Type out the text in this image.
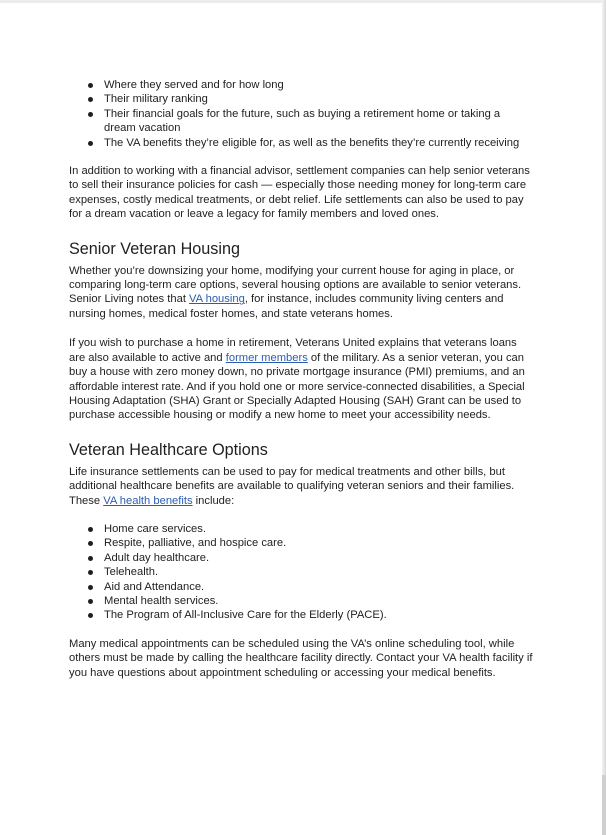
Where they served and for how long
Their military ranking
Their financial goals for the future, such as buying a retirement home or taking a dream vacation
The VA benefits they’re eligible for, as well as the benefits they’re currently receiving

In addition to working with a financial advisor, settlement companies can help senior veterans to sell their insurance policies for cash — especially those needing money for long-term care expenses, costly medical treatments, or debt relief. Life settlements can also be used to pay for a dream vacation or leave a legacy for family members and loved ones.

Senior Veteran Housing

Whether you’re downsizing your home, modifying your current house for aging in place, or comparing long-term care options, several housing options are available to senior veterans. Senior Living notes that VA housing, for instance, includes community living centers and nursing homes, medical foster homes, and state veterans homes.

If you wish to purchase a home in retirement, Veterans United explains that veterans loans are also available to active and former members of the military. As a senior veteran, you can buy a house with zero money down, no private mortgage insurance (PMI) premiums, and an affordable interest rate. And if you hold one or more service-connected disabilities, a Special Housing Adaptation (SHA) Grant or Specially Adapted Housing (SAH) Grant can be used to purchase accessible housing or modify a new home to meet your accessibility needs.

Veteran Healthcare Options

Life insurance settlements can be used to pay for medical treatments and other bills, but additional healthcare benefits are available to qualifying veteran seniors and their families. These VA health benefits include:

Home care services.
Respite, palliative, and hospice care.
Adult day healthcare.
Telehealth.
Aid and Attendance.
Mental health services.
The Program of All-Inclusive Care for the Elderly (PACE).

Many medical appointments can be scheduled using the VA’s online scheduling tool, while others must be made by calling the healthcare facility directly. Contact your VA health facility if you have questions about appointment scheduling or accessing your medical benefits.
